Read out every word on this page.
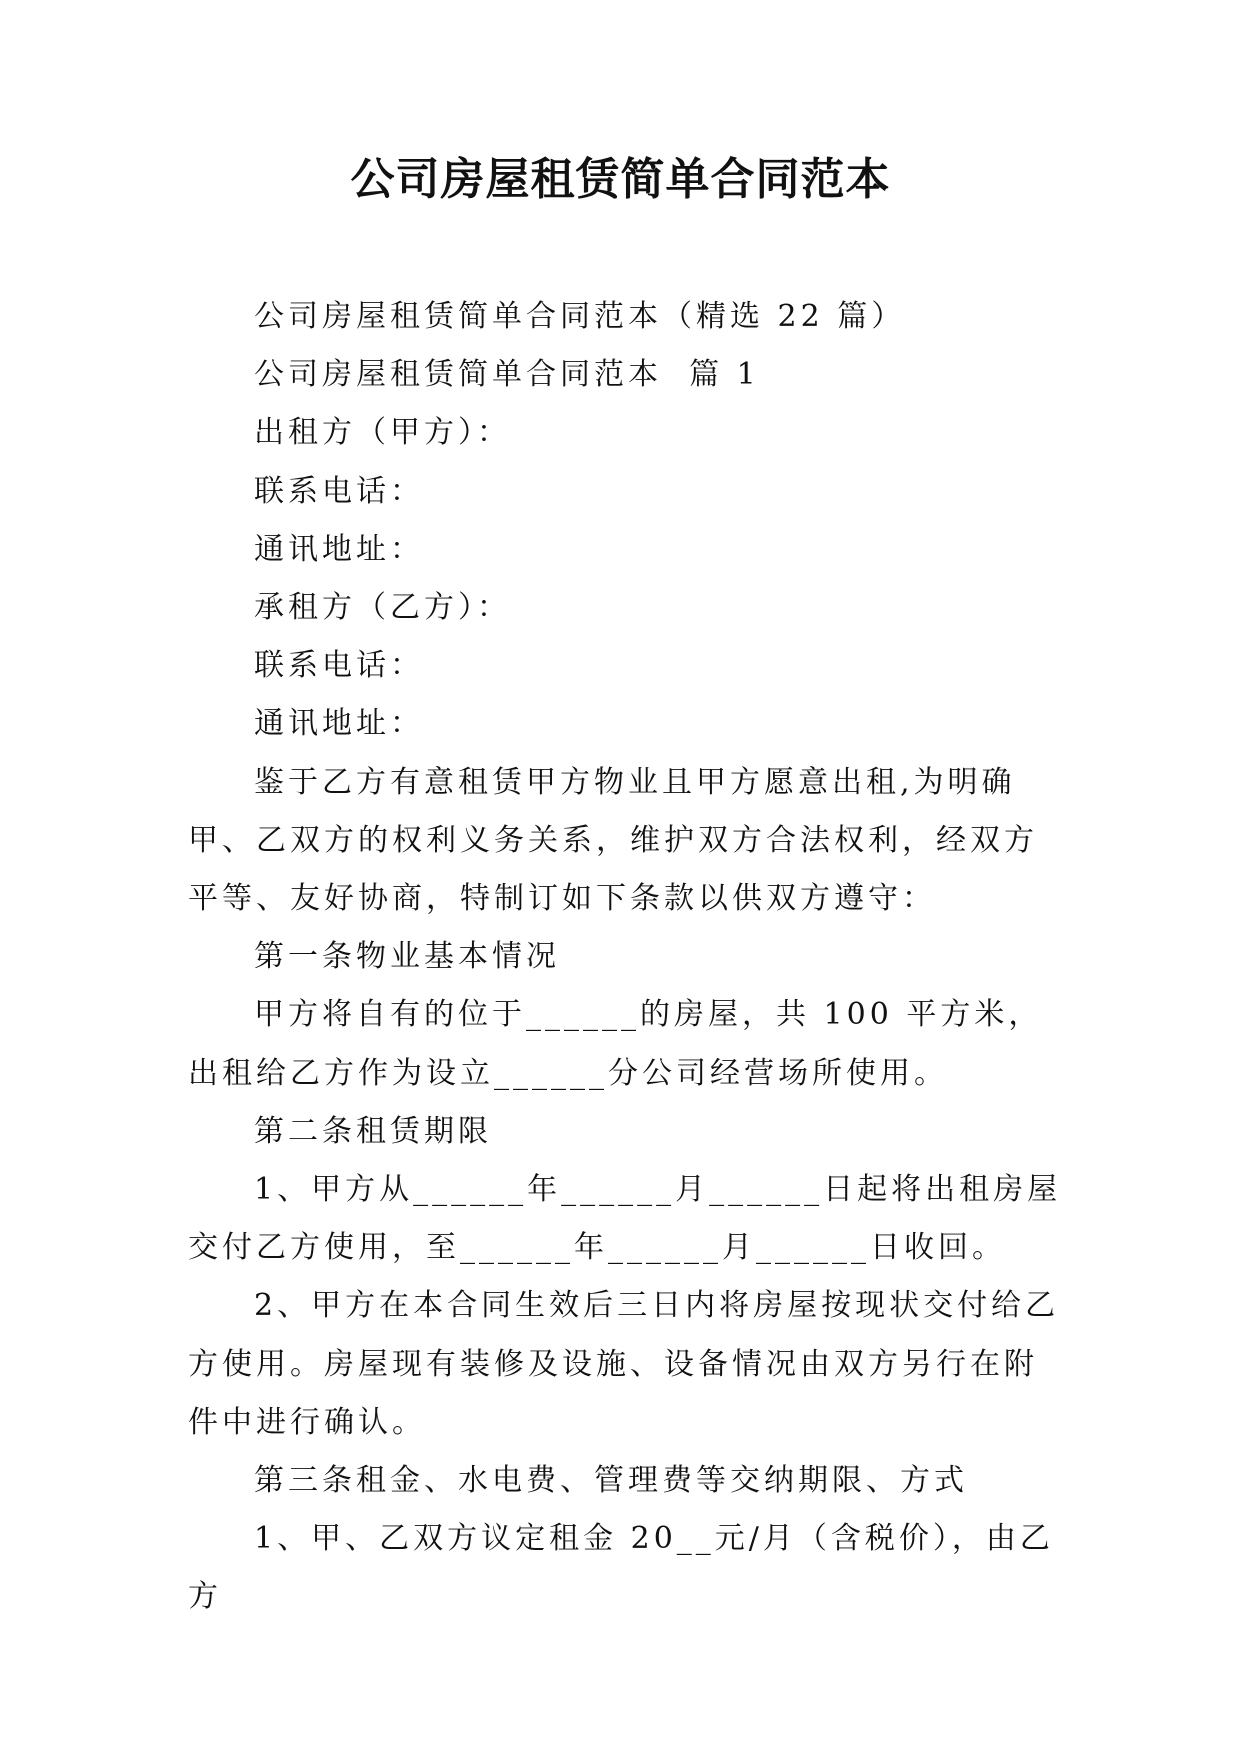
公司房屋租赁简单合同范本

公司房屋租赁简单合同范本（精选 22 篇）

公司房屋租赁简单合同范本  篇 1

出租方（甲方）：

联系电话：

通讯地址：

承租方（乙方）：

联系电话：

通讯地址：

鉴于乙方有意租赁甲方物业且甲方愿意出租,为明确甲、乙双方的权利义务关系，维护双方合法权利，经双方平等、友好协商，特制订如下条款以供双方遵守：

第一条物业基本情况

甲方将自有的位于______的房屋，共 100 平方米，出租给乙方作为设立______分公司经营场所使用。

第二条租赁期限

1、甲方从______年______月______日起将出租房屋交付乙方使用，至______年______月______日收回。

2、甲方在本合同生效后三日内将房屋按现状交付给乙方使用。房屋现有装修及设施、设备情况由双方另行在附件中进行确认。

第三条租金、水电费、管理费等交纳期限、方式

1、甲、乙双方议定租金 20__元/月（含税价），由乙方
